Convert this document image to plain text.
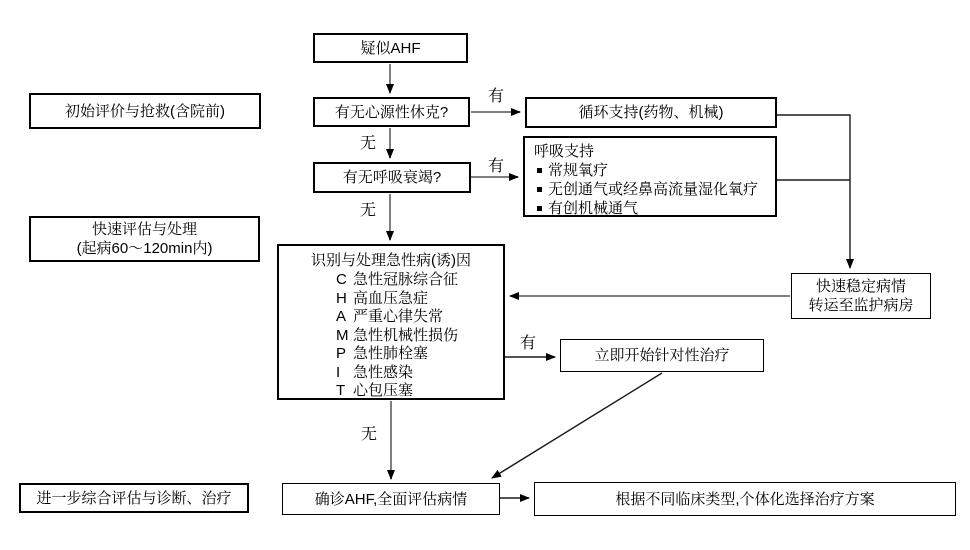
疑似AHF
初始评价与抢救(含院前)	有无心源性休克?	循环支持(药物、机械)
呼吸支持
常规氧疗
无创通气或经鼻高流量湿化氧疗
有创机械通气
有无呼吸衰竭?
快速评估与处理
(起病60〜120min内)
识别与处理急性病(诱)因
C 急性冠脉综合征
H 高血压急症
A 严重心律失常
M 急性机械性损伤
P 急性肺栓塞
I 急性感染
T 心包压塞
快速稳定病情
转运至监护病房
立即开始针对性治疗
进一步综合评估与诊断、治疗	确诊AHF,全面评估病情	根据不同临床类型,个体化选择治疗方案
有
无
有
无
有
无
